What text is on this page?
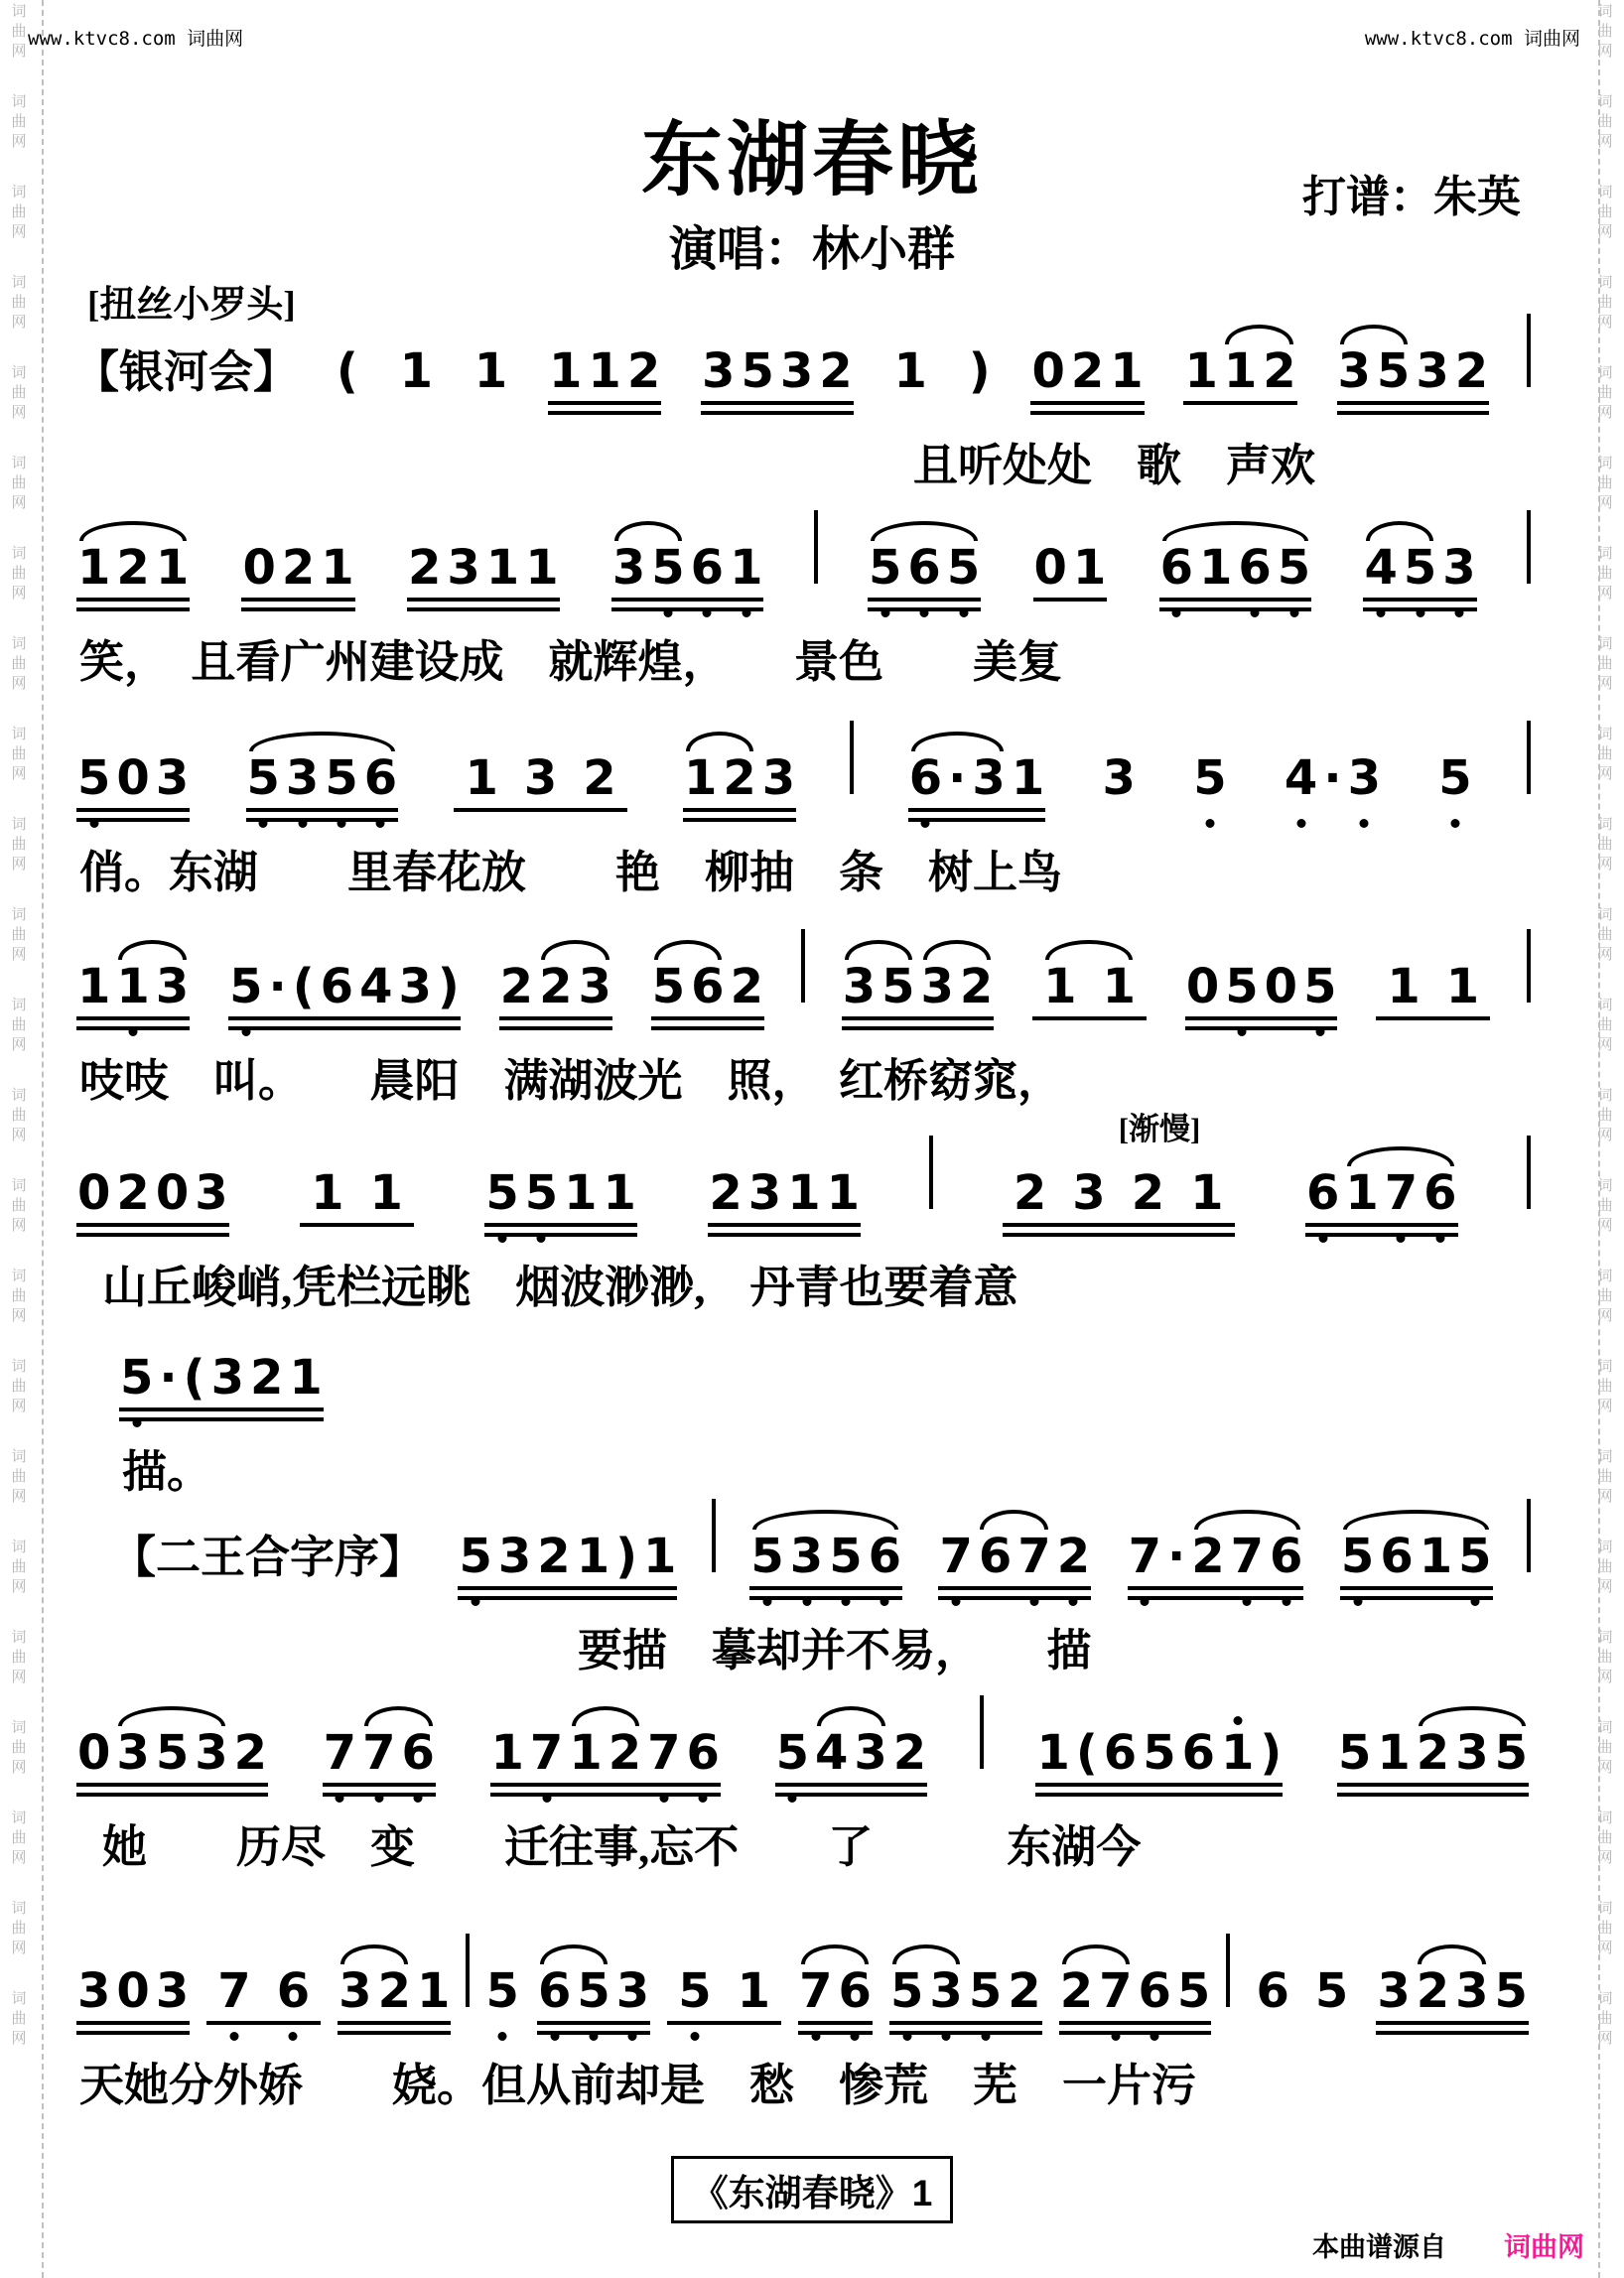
词
曲
网
词
曲
网
词
曲
网
词
曲
网
词
曲
网
词
曲
网
词
曲
网
词
曲
网
词
曲
网
词
曲
网
词
曲
网
词
曲
网
词
曲
网
词
曲
网
词
曲
网
词
曲
网
词
曲
网
词
曲
网
词
曲
网
词
曲
网
词
曲
网
词
曲
网
词
曲
网
词
曲
网
词
曲
网
词
曲
网
词
曲
网
词
曲
网
词
曲
网
词
曲
网
词
曲
网
词
曲
网
词
曲
网
词
曲
网
词
曲
网
词
曲
网
词
曲
网
词
曲
网
词
曲
网
词
曲
网
词
曲
网
词
曲
网
词
曲
网
词
曲
网
词
曲
网
词
曲
网
www.ktvc8.com 词曲网	www.ktvc8.com 词曲网
东湖春晓	打谱：朱英
演唱：林小群
[扭丝小罗头]
【银河会】 ( 1 1 1 1 2 3 5 3 2 1 ) 0 2 1 1 1 2 3 5 3 2
且听处处　歌　声欢
1 2 1 0 2 1 2 3 1 1 3 5 6 1 5 6 5 0 1 6 1 6 5 4 5 3
笑，　且看广州建设成　就辉煌，　　景色　　美复
5 0 3 5 3 5 6 1 3 2 1 2 3 6 · 3 1 3 5 4 · 3 5
俏。东湖　　里春花放　　艳　柳抽　条　树上鸟
1 1 3 5 · ( 6 4 3 ) 2 2 3 5 6 2 3 5 3 2 1 1 0 5 0 5 1 1
吱吱　叫。　　晨阳　满湖波光　照，　红桥窈窕，
0 2 0 3 1 1 5 5 1 1 2 3 1 1	2 3 2 1
[渐慢]
6 1 7 6
山丘峻峭,凭栏远眺　烟波渺渺,　丹青也要着意
5 · ( 3 2 1
描。
【二王合字序】 5 3 2 1 ) 1 5 3 5 6 7 6 7 2 7 · 2 7 6 5 6 1 5
要描　摹却并不易，　　描
0 3 5 3 2 7 7 6 1 7 1 2 7 6 5 4 3 2 1 ( 6 5 6 1 ) 5 1 2 3 5
她　　历尽　变　　迁往事,忘不　　了　　　东湖今
3 0 3 7 6 3 2 1 5 6 5 3 5 1 7 6 5 3 5 2 2 7 6 5 6 5 3 2 3 5
天她分外娇　　娆。但从前却是　愁　惨荒　芜　一片污
《东湖春晓》1
本曲谱源自 词曲网
